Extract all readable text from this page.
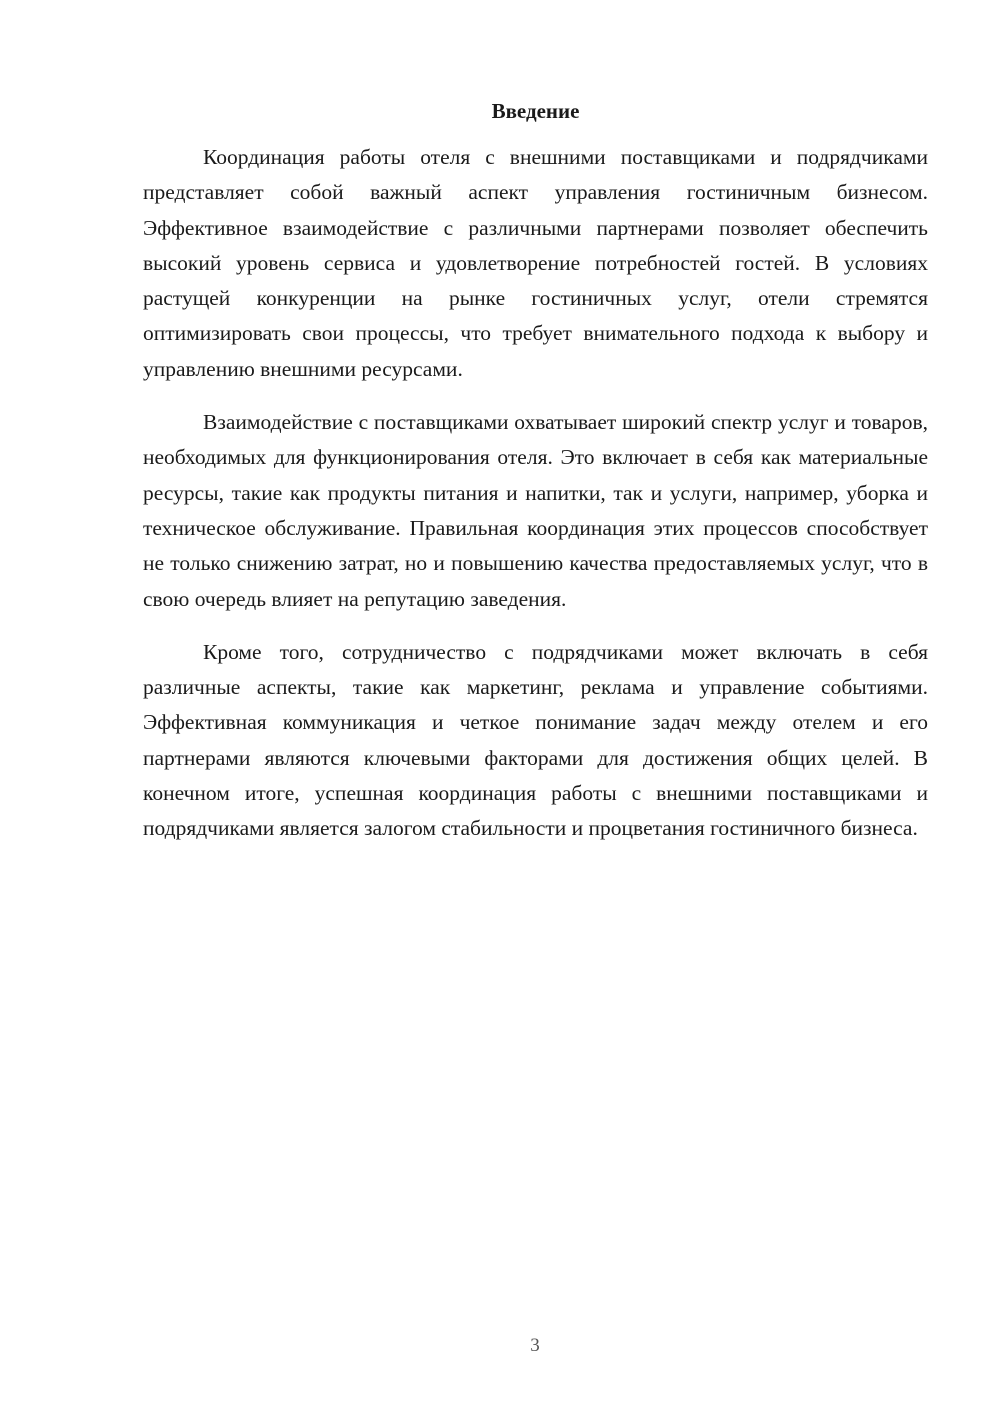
Введение

Координация работы отеля с внешними поставщиками и подрядчиками представляет собой важный аспект управления гостиничным бизнесом. Эффективное взаимодействие с различными партнерами позволяет обеспечить высокий уровень сервиса и удовлетворение потребностей гостей. В условиях растущей конкуренции на рынке гостиничных услуг, отели стремятся оптимизировать свои процессы, что требует внимательного подхода к выбору и управлению внешними ресурсами.

Взаимодействие с поставщиками охватывает широкий спектр услуг и товаров, необходимых для функционирования отеля. Это включает в себя как материальные ресурсы, такие как продукты питания и напитки, так и услуги, например, уборка и техническое обслуживание. Правильная координация этих процессов способствует не только снижению затрат, но и повышению качества предоставляемых услуг, что в свою очередь влияет на репутацию заведения.

Кроме того, сотрудничество с подрядчиками может включать в себя различные аспекты, такие как маркетинг, реклама и управление событиями. Эффективная коммуникация и четкое понимание задач между отелем и его партнерами являются ключевыми факторами для достижения общих целей. В конечном итоге, успешная координация работы с внешними поставщиками и подрядчиками является залогом стабильности и процветания гостиничного бизнеса.

3
